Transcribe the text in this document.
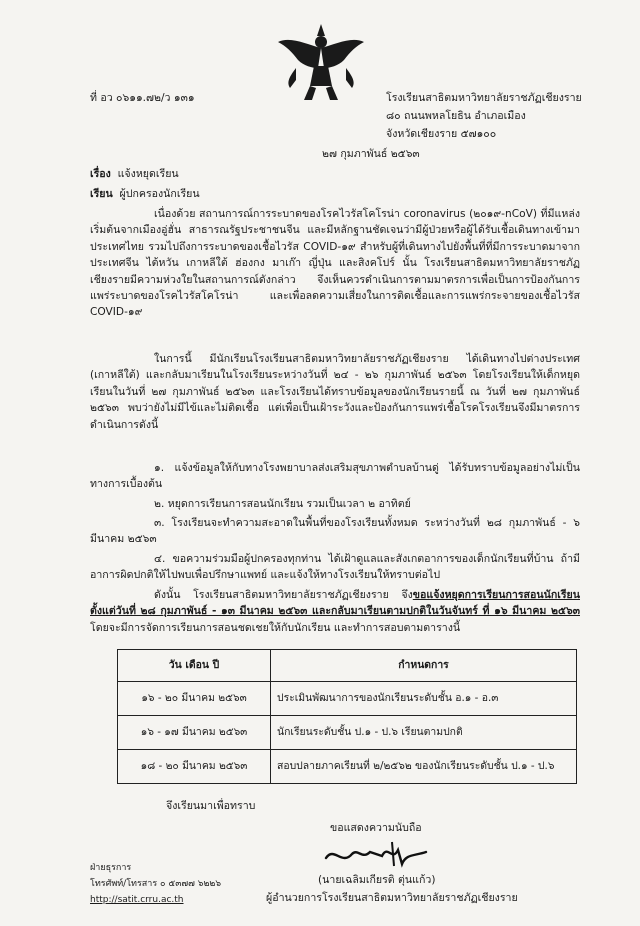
ที่ อว ๐๖๑๑.๗๒/ว ๑๓๑	โรงเรียนสาธิตมหาวิทยาลัยราชภัฏเชียงราย
๘๐ ถนนพหลโยธิน อำเภอเมือง
จังหวัดเชียงราย ๕๗๑๐๐
๒๗ กุมภาพันธ์ ๒๕๖๓
เรื่อง แจ้งหยุดเรียน
เรียน ผู้ปกครองนักเรียน
เนื่องด้วย สถานการณ์การระบาดของโรคไวรัสโคโรน่า coronavirus (๒๐๑๙-nCoV) ที่มีแหล่งเริ่มต้นจากเมืองอู่ฮั่น สาธารณรัฐประชาชนจีน และมีหลักฐานชัดเจนว่ามีผู้ป่วยหรือผู้ได้รับเชื้อเดินทางเข้ามาประเทศไทย รวมไปถึงการระบาดของเชื้อไวรัส COVID-๑๙ สำหรับผู้ที่เดินทางไปยังพื้นที่ที่มีการระบาดมาจากประเทศจีน ไต้หวัน เกาหลีใต้ ฮ่องกง มาเก๊า ญี่ปุ่น และสิงคโปร์ นั้น โรงเรียนสาธิตมหาวิทยาลัยราชภัฏเชียงรายมีความห่วงใยในสถานการณ์ดังกล่าว จึงเห็นควรดำเนินการตามมาตรการเพื่อเป็นการป้องกันการแพร่ระบาดของโรคไวรัสโคโรน่า และเพื่อลดความเสี่ยงในการติดเชื้อและการแพร่กระจายของเชื้อไวรัส COVID-๑๙
ในการนี้ มีนักเรียนโรงเรียนสาธิตมหาวิทยาลัยราชภัฏเชียงราย ได้เดินทางไปต่างประเทศ (เกาหลีใต้) และกลับมาเรียนในโรงเรียนระหว่างวันที่ ๒๔ - ๒๖ กุมภาพันธ์ ๒๕๖๓ โดยโรงเรียนให้เด็กหยุดเรียนในวันที่ ๒๗ กุมภาพันธ์ ๒๕๖๓ และโรงเรียนได้ทราบข้อมูลของนักเรียนรายนี้ ณ วันที่ ๒๗ กุมภาพันธ์ ๒๕๖๓ พบว่ายังไม่มีไข้และไม่ติดเชื้อ แต่เพื่อเป็นเฝ้าระวังและป้องกันการแพร่เชื้อโรคโรงเรียนจึงมีมาตรการดำเนินการดังนี้
๑. แจ้งข้อมูลให้กับทางโรงพยาบาลส่งเสริมสุขภาพตำบลบ้านดู่ ได้รับทราบข้อมูลอย่างไม่เป็นทางการเบื้องต้น
๒. หยุดการเรียนการสอนนักเรียน รวมเป็นเวลา ๒ อาทิตย์
๓. โรงเรียนจะทำความสะอาดในพื้นที่ของโรงเรียนทั้งหมด ระหว่างวันที่ ๒๘ กุมภาพันธ์ - ๖ มีนาคม ๒๕๖๓
๔. ขอความร่วมมือผู้ปกครองทุกท่าน ได้เฝ้าดูแลและสังเกตอาการของเด็กนักเรียนที่บ้าน ถ้ามีอาการผิดปกติให้ไปพบเพื่อปรึกษาแพทย์ และแจ้งให้ทางโรงเรียนให้ทราบต่อไป
ดังนั้น โรงเรียนสาธิตมหาวิทยาลัยราชภัฏเชียงราย จึงขอแจ้งหยุดการเรียนการสอนนักเรียนตั้งแต่วันที่ ๒๘ กุมภาพันธ์ - ๑๓ มีนาคม ๒๕๖๓ และกลับมาเรียนตามปกติในวันจันทร์ ที่ ๑๖ มีนาคม ๒๕๖๓ โดยจะมีการจัดการเรียนการสอนชดเชยให้กับนักเรียน และทำการสอบตามตารางนี้
วัน เดือน ปี	กำหนดการ
๑๖ - ๒๐ มีนาคม ๒๕๖๓	ประเมินพัฒนาการของนักเรียนระดับชั้น อ.๑ - อ.๓
๑๖ - ๑๗ มีนาคม ๒๕๖๓	นักเรียนระดับชั้น ป.๑ - ป.๖ เรียนตามปกติ
๑๘ - ๒๐ มีนาคม ๒๕๖๓	สอบปลายภาคเรียนที่ ๒/๒๕๖๒ ของนักเรียนระดับชั้น ป.๑ - ป.๖
จึงเรียนมาเพื่อทราบ
ขอแสดงความนับถือ
(นายเฉลิมเกียรติ ตุ่นแก้ว)
ผู้อำนวยการโรงเรียนสาธิตมหาวิทยาลัยราชภัฏเชียงราย
ฝ่ายธุรการ
โทรศัพท์/โทรสาร ๐ ๕๓๗๗ ๖๒๒๖
http://satit.crru.ac.th
